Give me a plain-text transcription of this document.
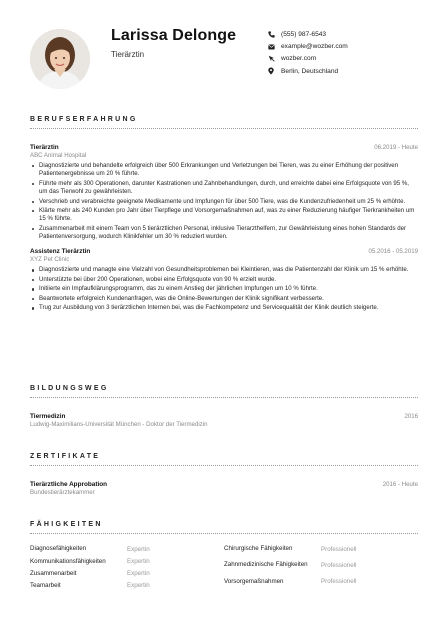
Larissa Delonge
Tierärztin
(555) 987-6543
example@wozber.com
wozber.com
Berlin, Deutschland
BERUFSERFAHRUNG
Tierärztin	06.2019 - Heute
ABC Animal Hospital
Diagnostizierte und behandelte erfolgreich über 500 Erkrankungen und Verletzungen bei Tieren, was zu einer Erhöhung der positiven Patientenergebnisse um 20 % führte.
Führte mehr als 300 Operationen, darunter Kastrationen und Zahnbehandlungen, durch, und erreichte dabei eine Erfolgsquote von 95 %, um das Tierwohl zu gewährleisten.
Verschrieb und verabreichte geeignete Medikamente und Impfungen für über 500 Tiere, was die Kundenzufriedenheit um 25 % erhöhte.
Klärte mehr als 240 Kunden pro Jahr über Tierpflege und Vorsorgemaßnahmen auf, was zu einer Reduzierung häufiger Tierkrankheiten um 15 % führte.
Zusammenarbeit mit einem Team von 5 tierärztlichen Personal, inklusive Tierarzthelfern, zur Gewährleistung eines hohen Standards der Patientenversorgung, wodurch Klinikfehler um 30 % reduziert wurden.
Assistenz Tierärztin	05.2016 - 05.2019
XYZ Pet Clinic
Diagnostizierte und managte eine Vielzahl von Gesundheitsproblemen bei Kleintieren, was die Patientenzahl der Klinik um 15 % erhöhte.
Unterstützte bei über 200 Operationen, wobei eine Erfolgsquote von 90 % erzielt wurde.
Initiierte ein Impfaufklärungsprogramm, das zu einem Anstieg der jährlichen Impfungen um 10 % führte.
Beantwortete erfolgreich Kundenanfragen, was die Online-Bewertungen der Klinik signifikant verbesserte.
Trug zur Ausbildung von 3 tierärztlichen Internen bei, was die Fachkompetenz und Servicequalität der Klinik deutlich steigerte.
BILDUNGSWEG
Tiermedizin	2016
Ludwig-Maximilians-Universität München - Doktor der Tiermedizin
ZERTIFIKATE
Tierärztliche Approbation	2016 - Heute
Bundestierärztekammer
FÄHIGKEITEN
Diagnosefähigkeiten	Expertin
Kommunikationsfähigkeiten	Expertin
Zusammenarbeit	Expertin
Teamarbeit	Expertin
Chirurgische Fähigkeiten	Professionell
Zahnmedizinische Fähigkeiten	Professionell
Vorsorgemaßnahmen	Professionell
